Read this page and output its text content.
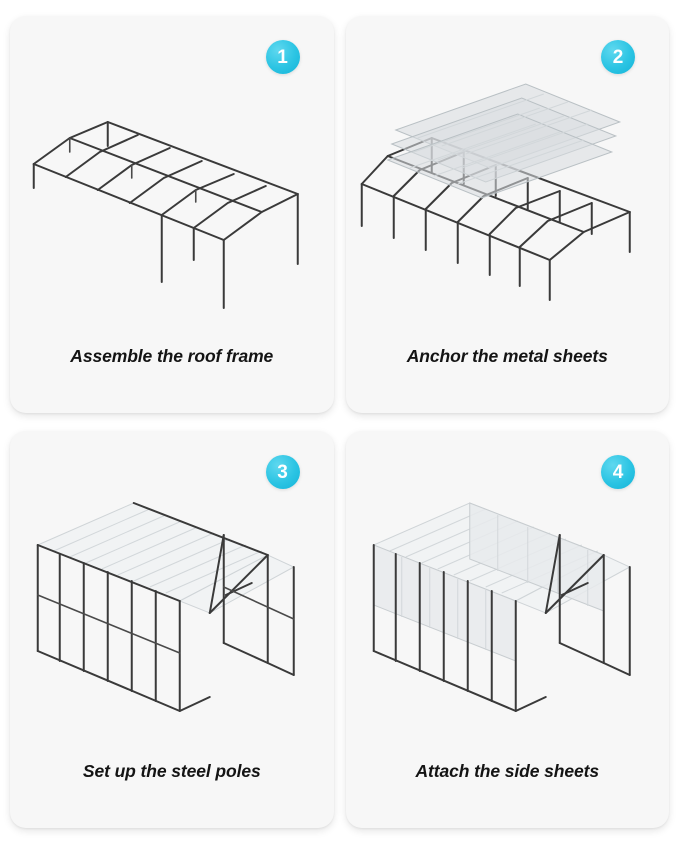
1
Assemble the roof frame
2
Anchor the metal sheets
3
Set up the steel poles
4
Attach the side sheets
